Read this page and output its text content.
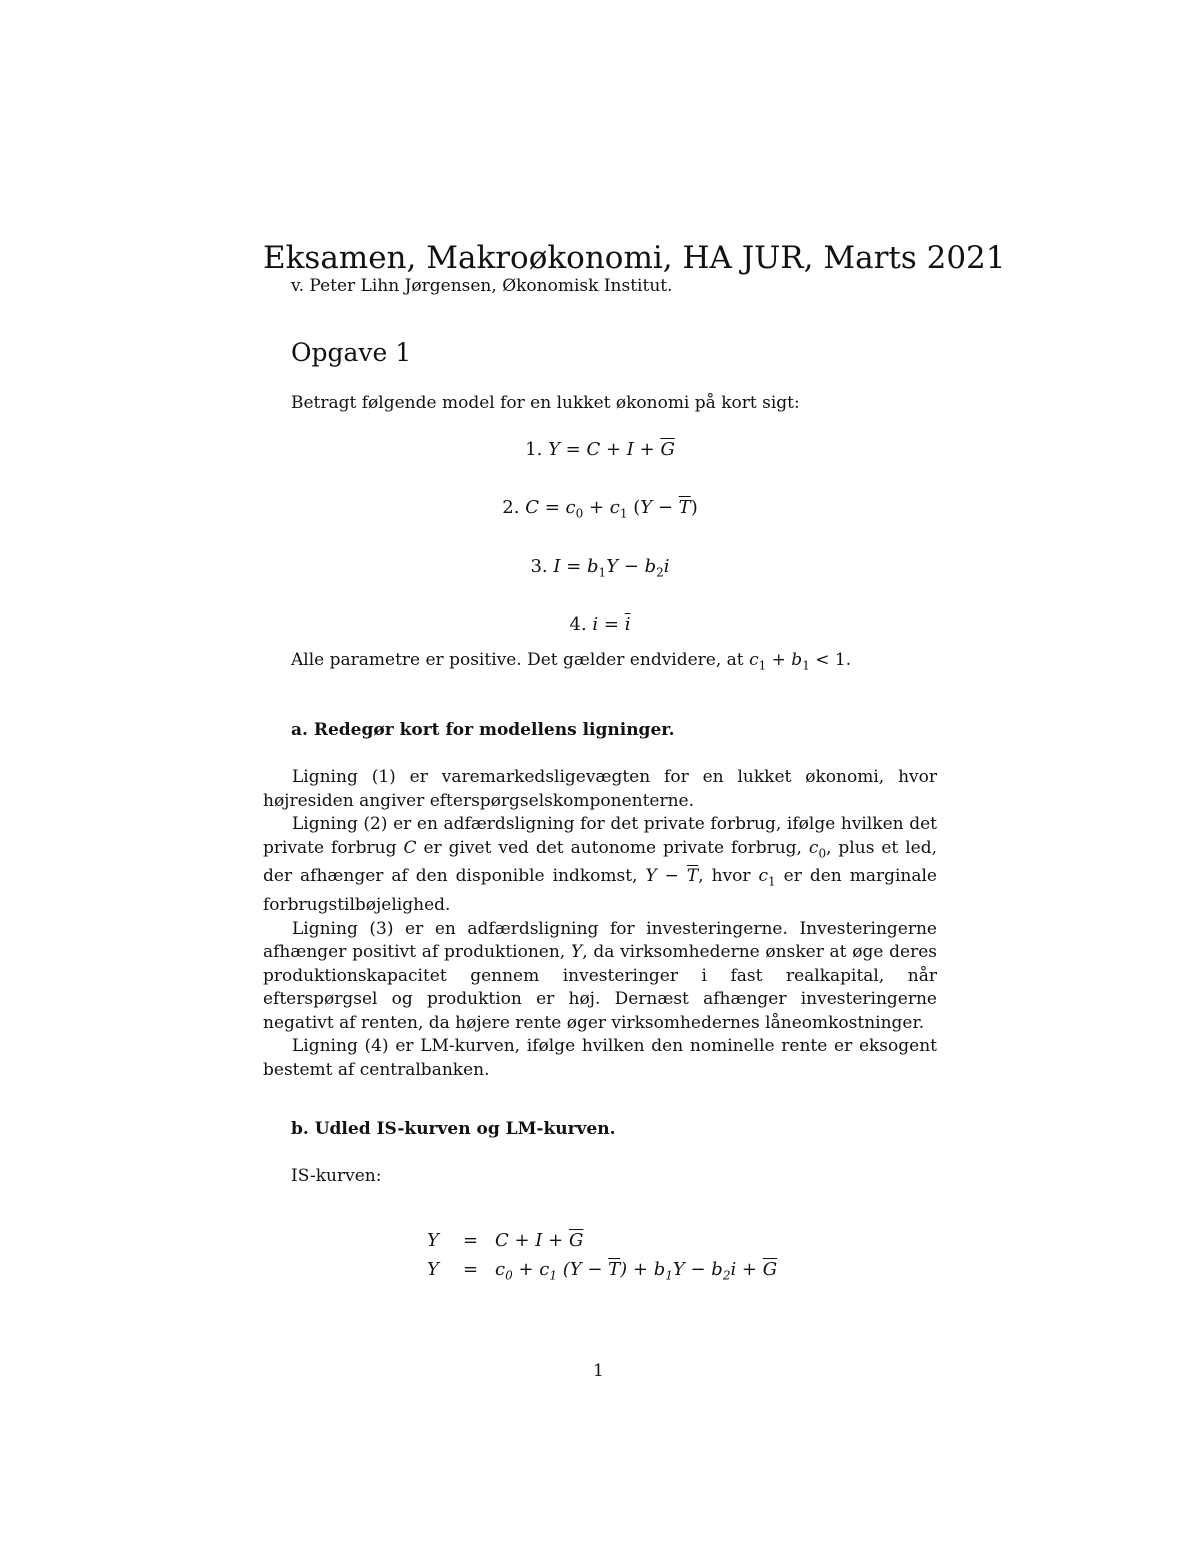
Eksamen, Makroøkonomi, HA JUR, Marts 2021
v. Peter Lihn Jørgensen, Økonomisk Institut.
Opgave 1
Betragt følgende model for en lukket økonomi på kort sigt:
1. $Y = C + I + \overline{G}$
2. $C = c_0 + c_1$ $(Y - \overline{T})$
3. $I = b_1Y - b_2i$
4. $i = \overline{i}$
Alle parametre er positive. Det gælder endvidere, at $c_1 + b_1 < 1$.
a. Redegør kort for modellens ligninger.

Ligning (1) er varemarkedsligevægten for en lukket økonomi, hvor højresiden angiver efterspørgselskomponenterne.

Ligning (2) er en adfærdsligning for det private forbrug, ifølge hvilken det private forbrug C er givet ved det autonome private forbrug, $c_0$, plus et led, der afhænger af den disponible indkomst, $Y - \overline{T}$, hvor $c_1$ er den marginale forbrugstilbøjelighed.

Ligning (3) er en adfærdsligning for investeringerne. Investeringerne afhænger positivt af produktionen, Y, da virksomhederne ønsker at øge deres produktionskapacitet gennem investeringer i fast realkapital, når efterspørgsel og produktion er høj. Dernæst afhænger investeringerne negativt af renten, da højere rente øger virksomhedernes låneomkostninger.

Ligning (4) er LM-kurven, ifølge hvilken den nominelle rente er eksogent bestemt af centralbanken.

b. Udled IS-kurven og LM-kurven.
IS-kurven:
$Y = C + I + \overline{G}$
$Y = c_0 + c_1$ $(Y - \overline{T}) + b_1Y - b_2i + \overline{G}$
1
